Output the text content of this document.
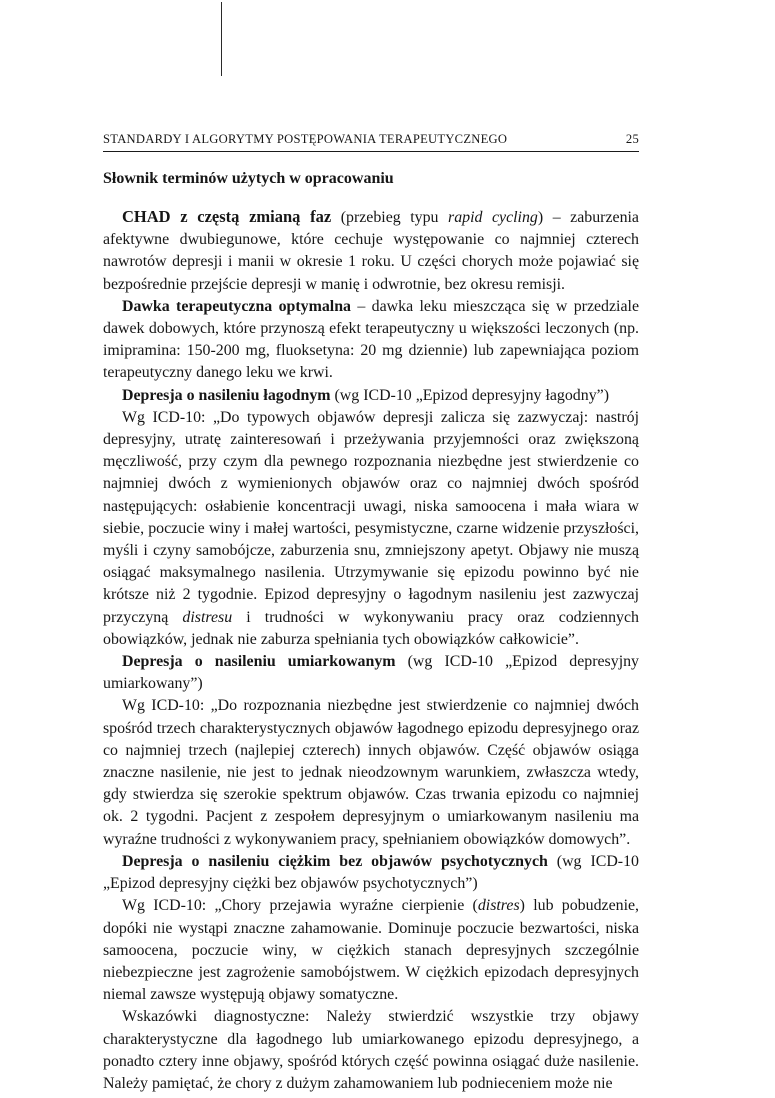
STANDARDY I ALGORYTMY POSTĘPOWANIA TERAPEUTYCZNEGO	25
Słownik terminów użytych w opracowaniu

CHAD z częstą zmianą faz (przebieg typu rapid cycling) – zaburzenia afektywne dwubiegunowe, które cechuje występowanie co najmniej czterech nawrotów depresji i manii w okresie 1 roku. U części chorych może pojawiać się bezpośrednie przejście depresji w manię i odwrotnie, bez okresu remisji.

Dawka terapeutyczna optymalna – dawka leku mieszcząca się w przedziale dawek dobowych, które przynoszą efekt terapeutyczny u większości leczonych (np. imipramina: 150-200 mg, fluoksetyna: 20 mg dziennie) lub zapewniająca poziom terapeutyczny danego leku we krwi.

Depresja o nasileniu łagodnym (wg ICD-10 „Epizod depresyjny łagodny”)

Wg ICD-10: „Do typowych objawów depresji zalicza się zazwyczaj: nastrój depresyjny, utratę zainteresowań i przeżywania przyjemności oraz zwiększoną męczliwość, przy czym dla pewnego rozpoznania niezbędne jest stwierdzenie co najmniej dwóch z wymienionych objawów oraz co najmniej dwóch spośród następujących: osłabienie koncentracji uwagi, niska samoocena i mała wiara w siebie, poczucie winy i małej wartości, pesymistyczne, czarne widzenie przyszłości, myśli i czyny samobójcze, zaburzenia snu, zmniejszony apetyt. Objawy nie muszą osiągać maksymalnego nasilenia. Utrzymywanie się epizodu powinno być nie krótsze niż 2 tygodnie. Epizod depresyjny o łagodnym nasileniu jest zazwyczaj przyczyną distresu i trudności w wykonywaniu pracy oraz codziennych obowiązków, jednak nie zaburza spełniania tych obowiązków całkowicie”.

Depresja o nasileniu umiarkowanym (wg ICD-10 „Epizod depresyjny umiarkowany”)

Wg ICD-10: „Do rozpoznania niezbędne jest stwierdzenie co najmniej dwóch spośród trzech charakterystycznych objawów łagodnego epizodu depresyjnego oraz co najmniej trzech (najlepiej czterech) innych objawów. Część objawów osiąga znaczne nasilenie, nie jest to jednak nieodzownym warunkiem, zwłaszcza wtedy, gdy stwierdza się szerokie spektrum objawów. Czas trwania epizodu co najmniej ok. 2 tygodni. Pacjent z zespołem depresyjnym o umiarkowanym nasileniu ma wyraźne trudności z wykonywaniem pracy, spełnianiem obowiązków domowych”.

Depresja o nasileniu ciężkim bez objawów psychotycznych (wg ICD-10 „Epizod depresyjny ciężki bez objawów psychotycznych”)

Wg ICD-10: „Chory przejawia wyraźne cierpienie (distres) lub pobudzenie, dopóki nie wystąpi znaczne zahamowanie. Dominuje poczucie bezwartości, niska samoocena, poczucie winy, w ciężkich stanach depresyjnych szczególnie niebezpieczne jest zagrożenie samobójstwem. W ciężkich epizodach depresyjnych niemal zawsze występują objawy somatyczne.

Wskazówki diagnostyczne: Należy stwierdzić wszystkie trzy objawy charakterystyczne dla łagodnego lub umiarkowanego epizodu depresyjnego, a ponadto cztery inne objawy, spośród których część powinna osiągać duże nasilenie. Należy pamiętać, że chory z dużym zahamowaniem lub podnieceniem może nie
